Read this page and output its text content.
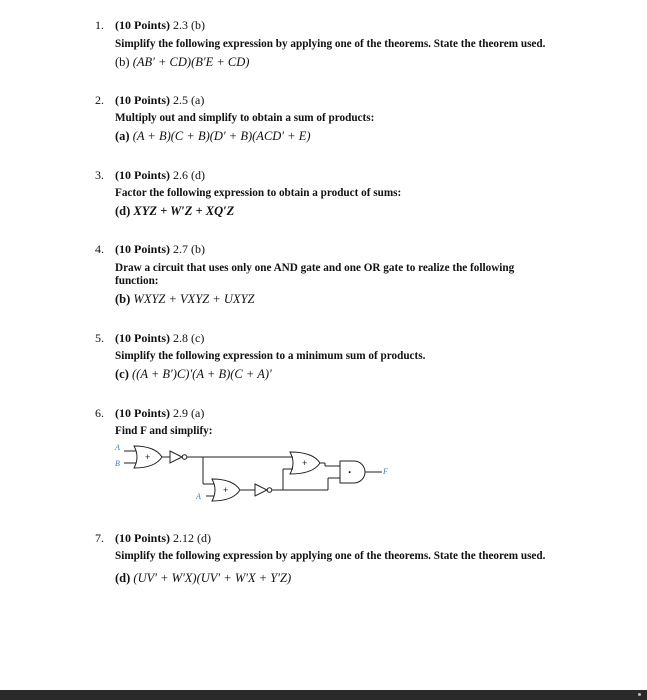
1. (10 Points) 2.3 (b)
Simplify the following expression by applying one of the theorems. State the theorem used.
(b) (AB′ + CD)(B′E + CD)
2. (10 Points) 2.5 (a)
Multiply out and simplify to obtain a sum of products:
(a) (A + B)(C + B)(D′ + B)(ACD′ + E)
3. (10 Points) 2.6 (d)
Factor the following expression to obtain a product of sums:
(d) XYZ + W′Z + XQ′Z
4. (10 Points) 2.7 (b)
Draw a circuit that uses only one AND gate and one OR gate to realize the following function:
(b) WXYZ + VXYZ + UXYZ
5. (10 Points) 2.8 (c)
Simplify the following expression to a minimum sum of products.
(c) ((A + B′)C)′(A + B)(C + A)′
6. (10 Points) 2.9 (a)
Find F and simplify:
A
B
A
F
+
+
+
·
7. (10 Points) 2.12 (d)
Simplify the following expression by applying one of the theorems. State the theorem used.
(d) (UV′ + W′X)(UV′ + W′X + Y′Z)
